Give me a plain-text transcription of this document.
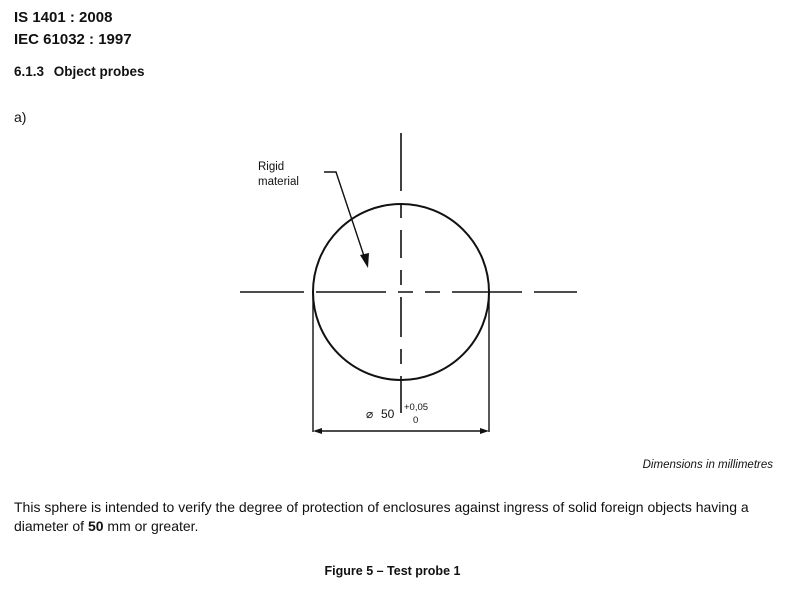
IS 1401 : 2008
IEC 61032 : 1997
6.1.3 Object probes
a)
Rigid
material
⌀ 50 +0,05
0
Dimensions in millimetres
This sphere is intended to verify the degree of protection of enclosures against ingress of solid foreign objects having a diameter of 50 mm or greater.
Figure 5 – Test probe 1
